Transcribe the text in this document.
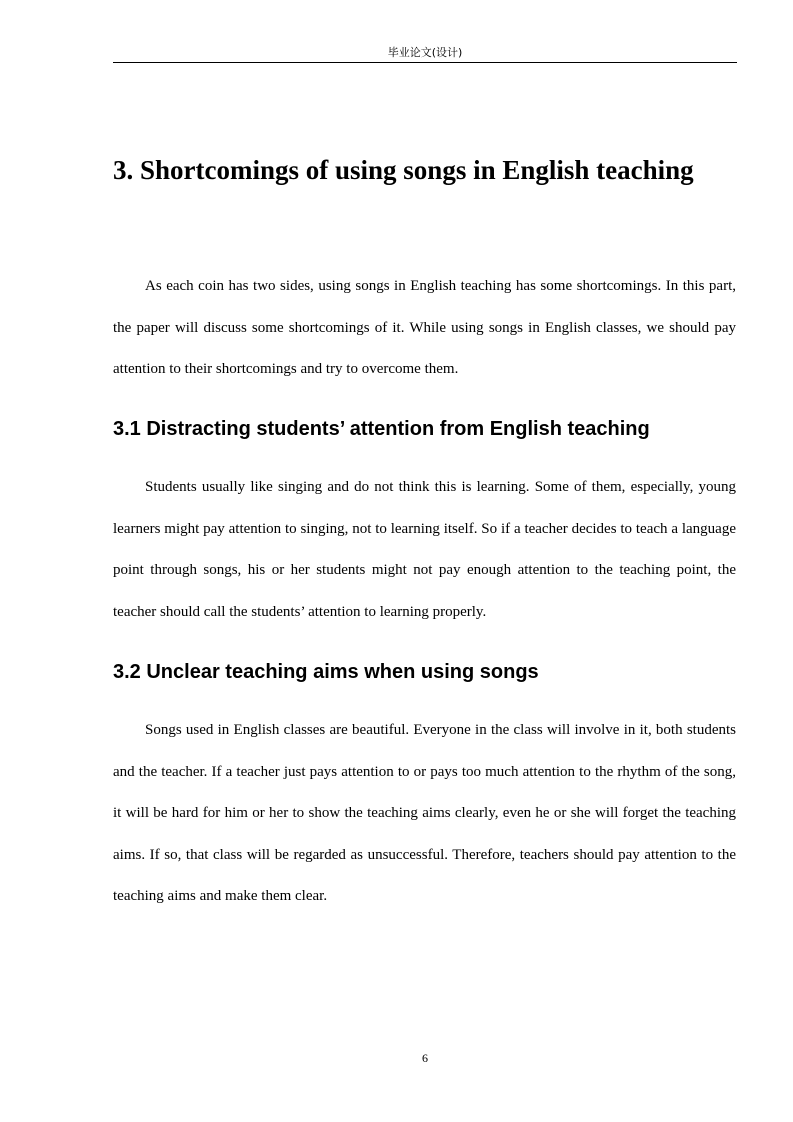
毕业论文(设计)
3. Shortcomings of using songs in English teaching

As each coin has two sides, using songs in English teaching has some shortcomings. In this part, the paper will discuss some shortcomings of it. While using songs in English classes, we should pay attention to their shortcomings and try to overcome them.

3.1 Distracting students’ attention from English teaching

Students usually like singing and do not think this is learning. Some of them, especially, young learners might pay attention to singing, not to learning itself. So if a teacher decides to teach a language point through songs, his or her students might not pay enough attention to the teaching point, the teacher should call the students’ attention to learning properly.

3.2 Unclear teaching aims when using songs

Songs used in English classes are beautiful. Everyone in the class will involve in it, both students and the teacher. If a teacher just pays attention to or pays too much attention to the rhythm of the song, it will be hard for him or her to show the teaching aims clearly, even he or she will forget the teaching aims. If so, that class will be regarded as unsuccessful. Therefore, teachers should pay attention to the teaching aims and make them clear.

6
